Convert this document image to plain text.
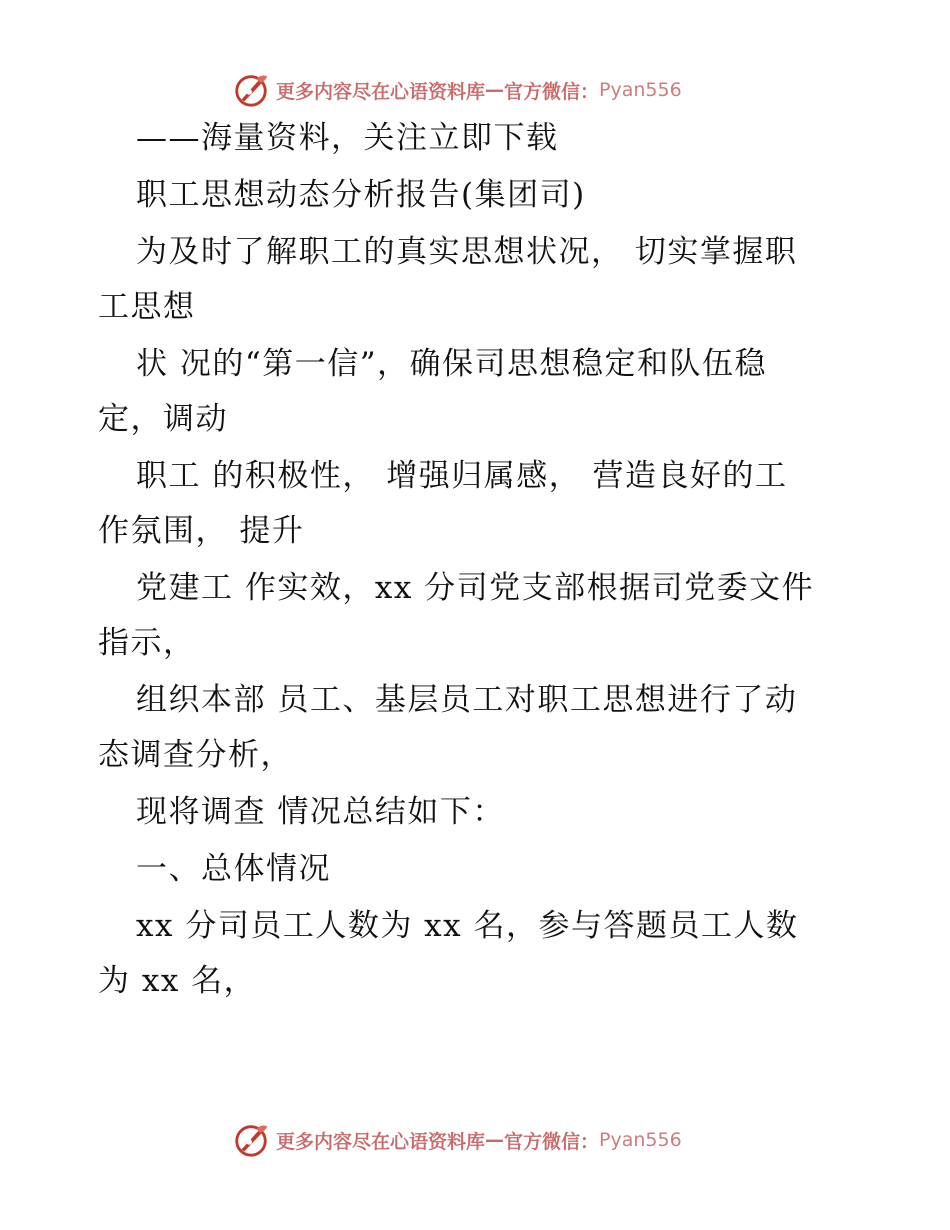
更多内容尽在心语资料库 — 官方微信： Pyan556
——海量资料，关注立即下载
职工思想动态分析报告(集团司)
为及时了解职工的真实思想状况， 切实掌握职
工思想
状 况的“第一信”，确保司思想稳定和队伍稳
定，调动
职工 的积极性， 增强归属感， 营造良好的工
作氛围， 提升
党建工 作实效，xx 分司党支部根据司党委文件
指示，
组织本部 员工、基层员工对职工思想进行了动
态调查分析，
现将调查 情况总结如下：
一、总体情况
xx 分司员工人数为 xx 名，参与答题员工人数
为 xx 名，
更多内容尽在心语资料库 — 官方微信： Pyan556
